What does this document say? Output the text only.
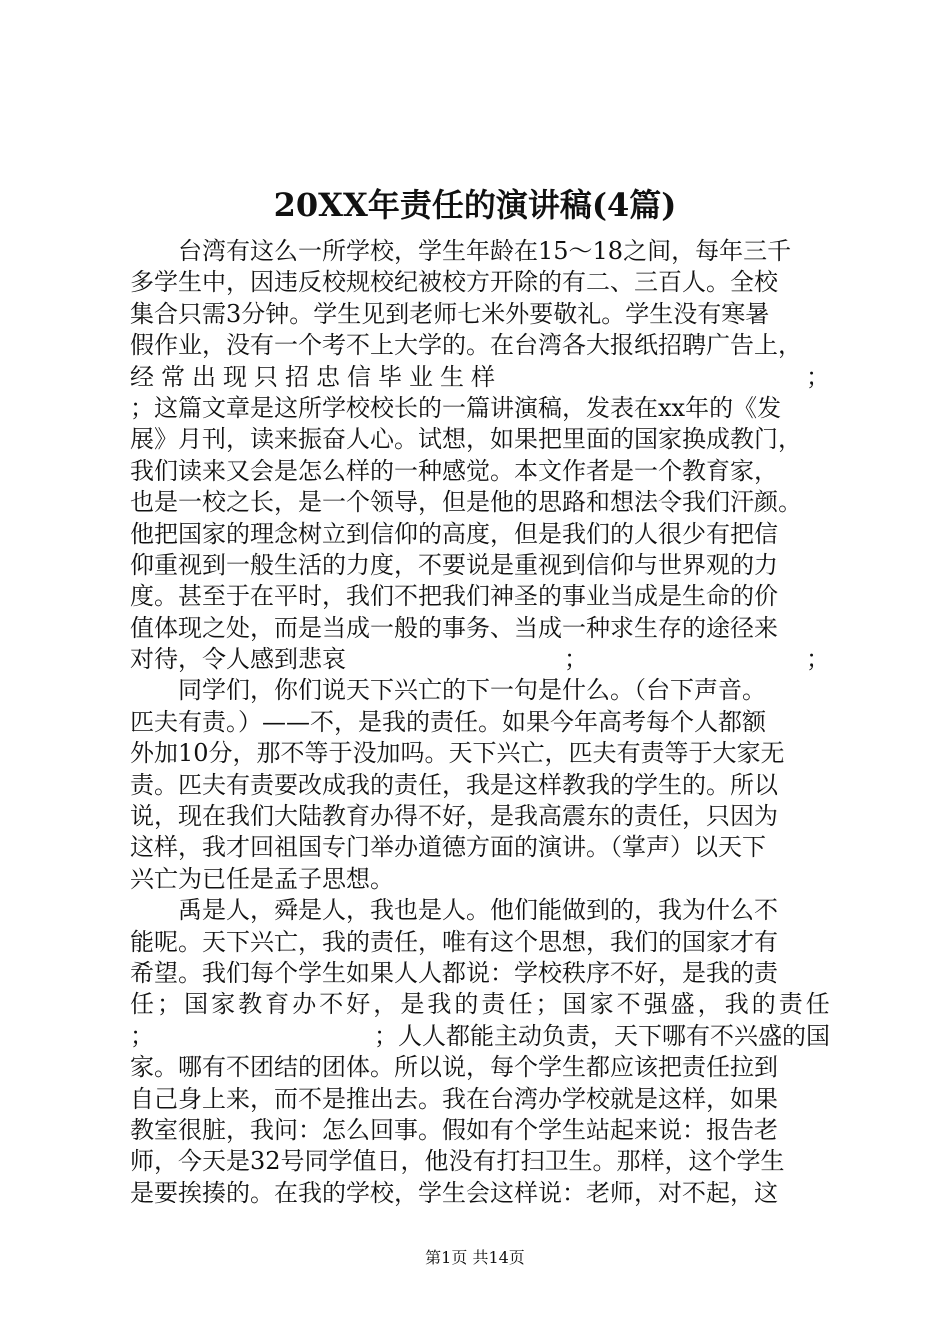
20XX年责任的演讲稿(4篇)
台湾有这么一所学校，学生年龄在15～18之间，每年三千
多学生中，因违反校规校纪被校方开除的有二、三百人。全校
集合只需3分钟。学生见到老师七米外要敬礼。学生没有寒暑
假作业，没有一个考不上大学的。在台湾各大报纸招聘广告上，
经常出现只招忠信毕业生样	；
；这篇文章是这所学校校长的一篇讲演稿，发表在xx年的《发
展》月刊，读来振奋人心。试想，如果把里面的国家换成教门，
我们读来又会是怎么样的一种感觉。本文作者是一个教育家，
也是一校之长，是一个领导，但是他的思路和想法令我们汗颜。
他把国家的理念树立到信仰的高度，但是我们的人很少有把信
仰重视到一般生活的力度，不要说是重视到信仰与世界观的力
度。甚至于在平时，我们不把我们神圣的事业当成是生命的价
值体现之处，而是当成一般的事务、当成一种求生存的途径来
对待，令人感到悲哀	；	；
同学们，你们说天下兴亡的下一句是什么。（台下声音。
匹夫有责。）——不，是我的责任。如果今年高考每个人都额
外加10分，那不等于没加吗。天下兴亡，匹夫有责等于大家无
责。匹夫有责要改成我的责任，我是这样教我的学生的。所以
说，现在我们大陆教育办得不好，是我高震东的责任，只因为
这样，我才回祖国专门举办道德方面的演讲。（掌声）以天下
兴亡为已任是孟子思想。
禹是人，舜是人，我也是人。他们能做到的，我为什么不
能呢。天下兴亡，我的责任，唯有这个思想，我们的国家才有
希望。我们每个学生如果人人都说：学校秩序不好，是我的责
任 ； 国 家 教 育 办 不 好 ， 是 我 的 责 任 ； 国 家 不 强 盛 ， 我 的 责 任
；	；人人都能主动负责，天下哪有不兴盛的国
家。哪有不团结的团体。所以说，每个学生都应该把责任拉到
自己身上来，而不是推出去。我在台湾办学校就是这样，如果
教室很脏，我问：怎么回事。假如有个学生站起来说：报告老
师，今天是32号同学值日，他没有打扫卫生。那样，这个学生
是要挨揍的。在我的学校，学生会这样说：老师，对不起，这
第1页 共14页
